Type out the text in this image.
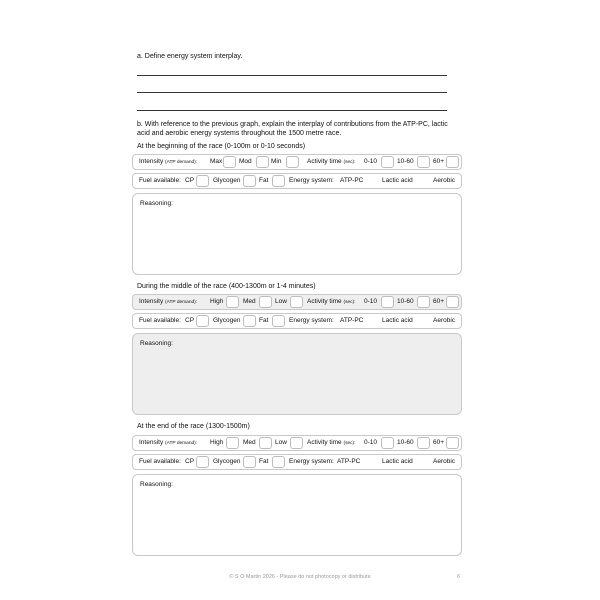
a. Define energy system interplay.
b. With reference to the previous graph, explain the interplay of contributions from the ATP-PC, lactic
acid and aerobic energy systems throughout the 1500 metre race.
At the beginning of the race (0-100m or 0-10 seconds)
Intensity (ATP demand): Max	Mod	Min	Activity time (sec): 0-10	10-60	60+
Fuel available: CP	Glycogen	Fat	Energy system: ATP-PC	Lactic acid	Aerobic
Reasoning:
During the middle of the race (400-1300m or 1-4 minutes)
Intensity (ATP demand): High	Med	Low	Activity time (sec): 0-10	10-60	60+
Fuel available: CP	Glycogen	Fat	Energy system: ATP-PC	Lactic acid	Aerobic
Reasoning:
At the end of the race (1300-1500m)
Intensity (ATP demand): High	Med	Low	Activity time (sec): 0-10	10-60	60+
Fuel available: CP	Glycogen	Fat	Energy system: ATP-PC	Lactic acid	Aerobic
Reasoning:
© S O Martin 2026 - Please do not photocopy or distribute	6
